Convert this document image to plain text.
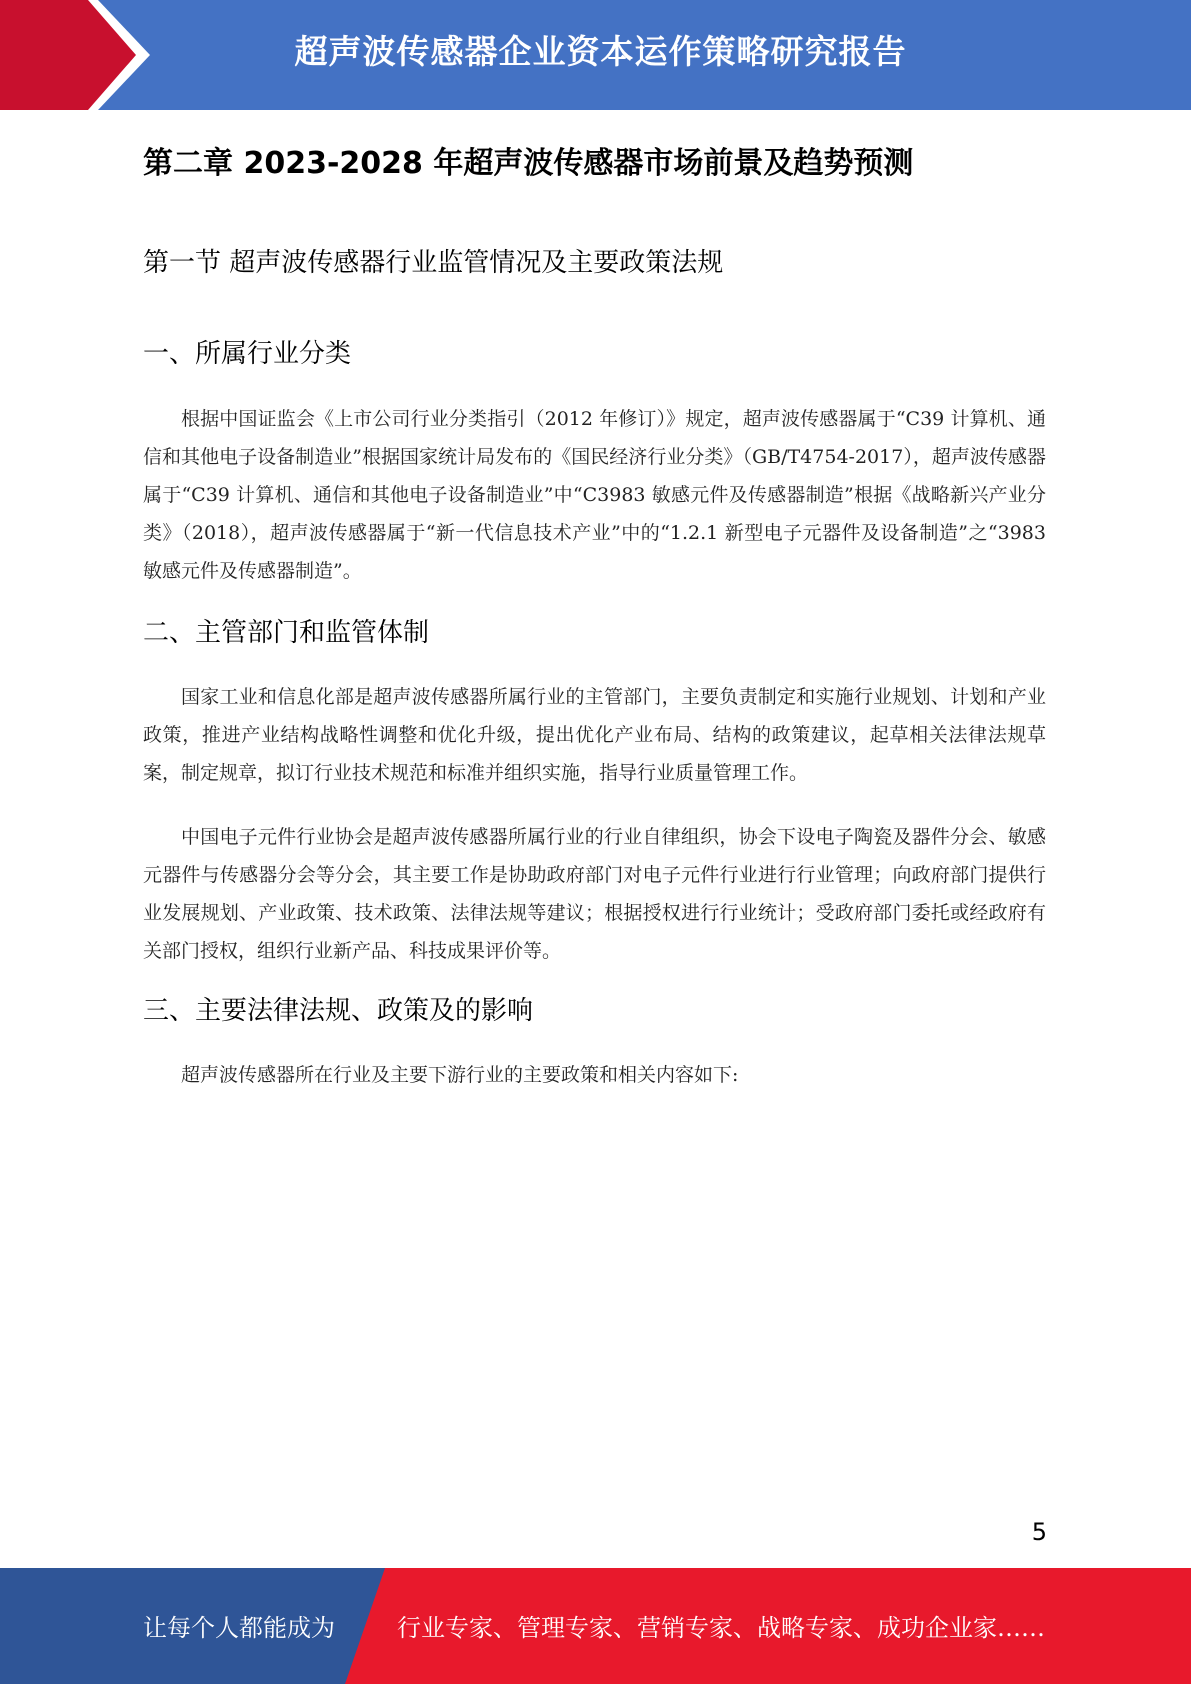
超声波传感器企业资本运作策略研究报告
第二章 2023-2028 年超声波传感器市场前景及趋势预测
第一节 超声波传感器行业监管情况及主要政策法规
一、所属行业分类

根据中国证监会《上市公司行业分类指引（2012 年修订）》规定，超声波传感器属于“C39 计算机、通信和其他电子设备制造业”根据国家统计局发布的《国民经济行业分类》（GB/T4754-2017），超声波传感器属于“C39 计算机、通信和其他电子设备制造业”中“C3983 敏感元件及传感器制造”根据《战略新兴产业分类》（2018），超声波传感器属于“新一代信息技术产业”中的“1.2.1 新型电子元器件及设备制造”之“3983 敏感元件及传感器制造”。

二、主管部门和监管体制

国家工业和信息化部是超声波传感器所属行业的主管部门，主要负责制定和实施行业规划、计划和产业政策，推进产业结构战略性调整和优化升级，提出优化产业布局、结构的政策建议，起草相关法律法规草案，制定规章，拟订行业技术规范和标准并组织实施，指导行业质量管理工作。

中国电子元件行业协会是超声波传感器所属行业的行业自律组织，协会下设电子陶瓷及器件分会、敏感元器件与传感器分会等分会，其主要工作是协助政府部门对电子元件行业进行行业管理；向政府部门提供行业发展规划、产业政策、技术政策、法律法规等建议；根据授权进行行业统计；受政府部门委托或经政府有关部门授权，组织行业新产品、科技成果评价等。

三、主要法律法规、政策及的影响

超声波传感器所在行业及主要下游行业的主要政策和相关内容如下:

5
让每个人都能成为	行业专家、管理专家、营销专家、战略专家、成功企业家……
